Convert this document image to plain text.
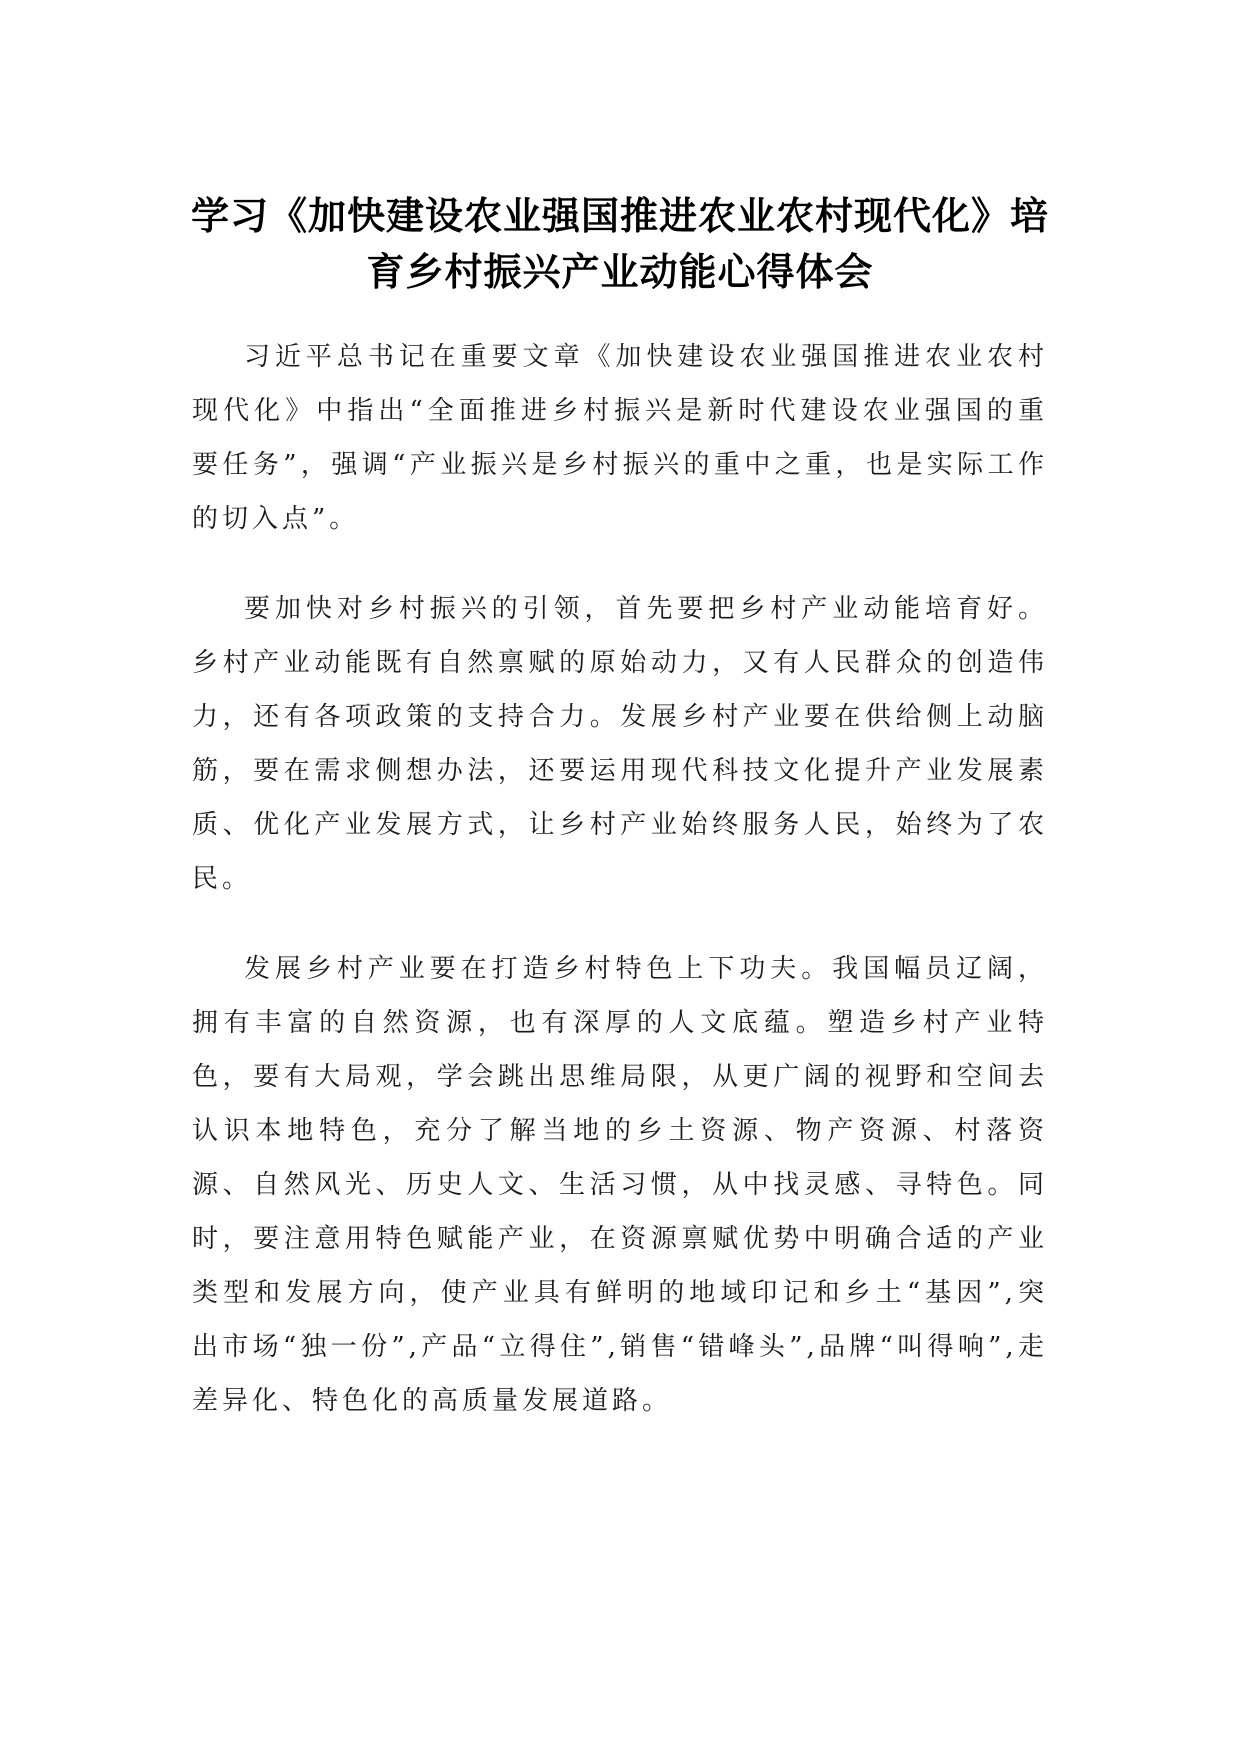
学习《加快建设农业强国推进农业农村现代化》培
育乡村振兴产业动能心得体会

习近平总书记在重要文章《加快建设农业强国推进农业农村现代化》中指出“全面推进乡村振兴是新时代建设农业强国的重要任务”，强调“产业振兴是乡村振兴的重中之重，也是实际工作的切入点”。

要加快对乡村振兴的引领，首先要把乡村产业动能培育好。乡村产业动能既有自然禀赋的原始动力，又有人民群众的创造伟力，还有各项政策的支持合力。发展乡村产业要在供给侧上动脑筋，要在需求侧想办法，还要运用现代科技文化提升产业发展素质、优化产业发展方式，让乡村产业始终服务人民，始终为了农民。

发展乡村产业要在打造乡村特色上下功夫。我国幅员辽阔，拥有丰富的自然资源，也有深厚的人文底蕴。塑造乡村产业特色，要有大局观，学会跳出思维局限，从更广阔的视野和空间去认识本地特色，充分了解当地的乡土资源、物产资源、村落资源、自然风光、历史人文、生活习惯，从中找灵感、寻特色。同时，要注意用特色赋能产业，在资源禀赋优势中明确合适的产业类型和发展方向，使产业具有鲜明的地域印记和乡土“基因”,突出市场“独一份”,产品“立得住”,销售“错峰头”,品牌“叫得响”,走差异化、特色化的高质量发展道路。
